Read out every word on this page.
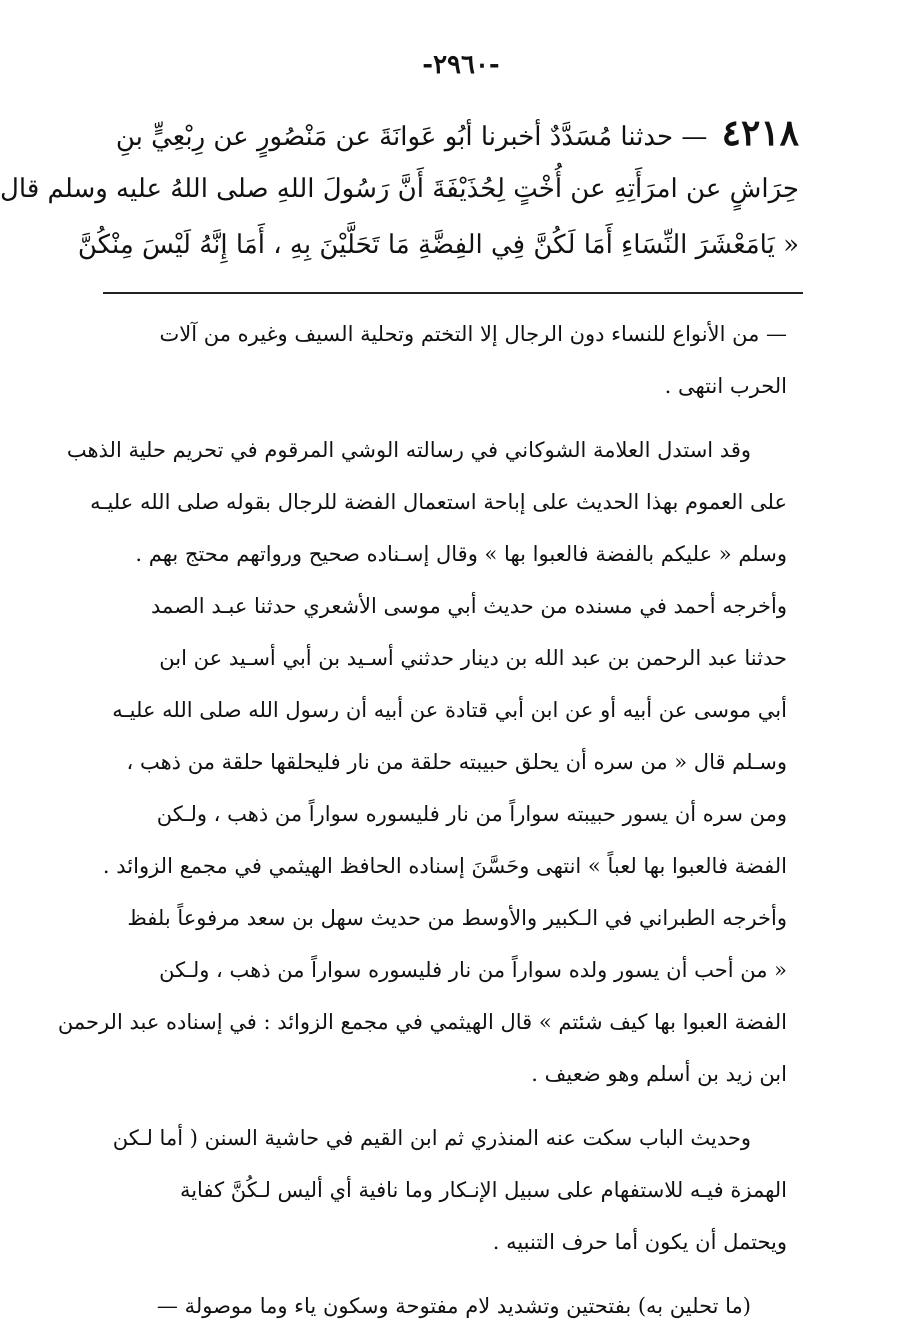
-٢٩٦٠-
٤٢١٨ — حدثنا مُسَدَّدٌ أخبرنا أبُو عَوانَةَ عن مَنْصُورٍ عن رِبْعِيٍّ بنِ
حِرَاشٍ عن امرَأَتِهِ عن أُخْتٍ لِحُذَيْفَةَ أَنَّ رَسُولَ اللهِ صلى اللهُ عليه وسلم قال
« يَامَعْشَرَ النِّسَاءِ أَمَا لَكُنَّ فِي الفِضَّةِ مَا تَحَلَّيْنَ بِهِ ، أَمَا إِنَّهُ لَيْسَ مِنْكُنَّ
— من الأنواع للنساء دون الرجال إلا التختم وتحلية السيف وغيره من آلات
الحرب انتهى .
وقد استدل العلامة الشوكاني في رسالته الوشي المرقوم في تحريم حلية الذهب
على العموم بهذا الحديث على إباحة استعمال الفضة للرجال بقوله صلى الله عليـه
وسلم « عليكم بالفضة فالعبوا بها » وقال إسـناده صحيح ورواتهم محتج بهم .
وأخرجه أحمد في مسنده من حديث أبي موسى الأشعري حدثنا عبـد الصمد
حدثنا عبد الرحمن بن عبد الله بن دينار حدثني أسـيد بن أبي أسـيد عن ابن
أبي موسى عن أبيه أو عن ابن أبي قتادة عن أبيه أن رسول الله صلى الله عليـه
وسـلم قال « من سره أن يحلق حبيبته حلقة من نار فليحلقها حلقة من ذهب ،
ومن سره أن يسور حبيبته سواراً من نار فليسوره سواراً من ذهب ، ولـكن
الفضة فالعبوا بها لعباً » انتهى وحَسَّنَ إسناده الحافظ الهيثمي في مجمع الزوائد .
وأخرجه الطبراني في الـكبير والأوسط من حديث سهل بن سعد مرفوعاً بلفظ
« من أحب أن يسور ولده سواراً من نار فليسوره سواراً من ذهب ، ولـكن
الفضة العبوا بها كيف شئتم » قال الهيثمي في مجمع الزوائد : في إسناده عبد الرحمن
ابن زيد بن أسلم وهو ضعيف .
وحديث الباب سكت عنه المنذري ثم ابن القيم في حاشية السنن ( أما لـكن
الهمزة فيـه للاستفهام على سبيل الإنـكار وما نافية أي أليس لـكُنَّ كفاية
ويحتمل أن يكون أما حرف التنبيه .
(ما تحلين به) بفتحتين وتشديد لام مفتوحة وسكون ياء وما موصولة —
